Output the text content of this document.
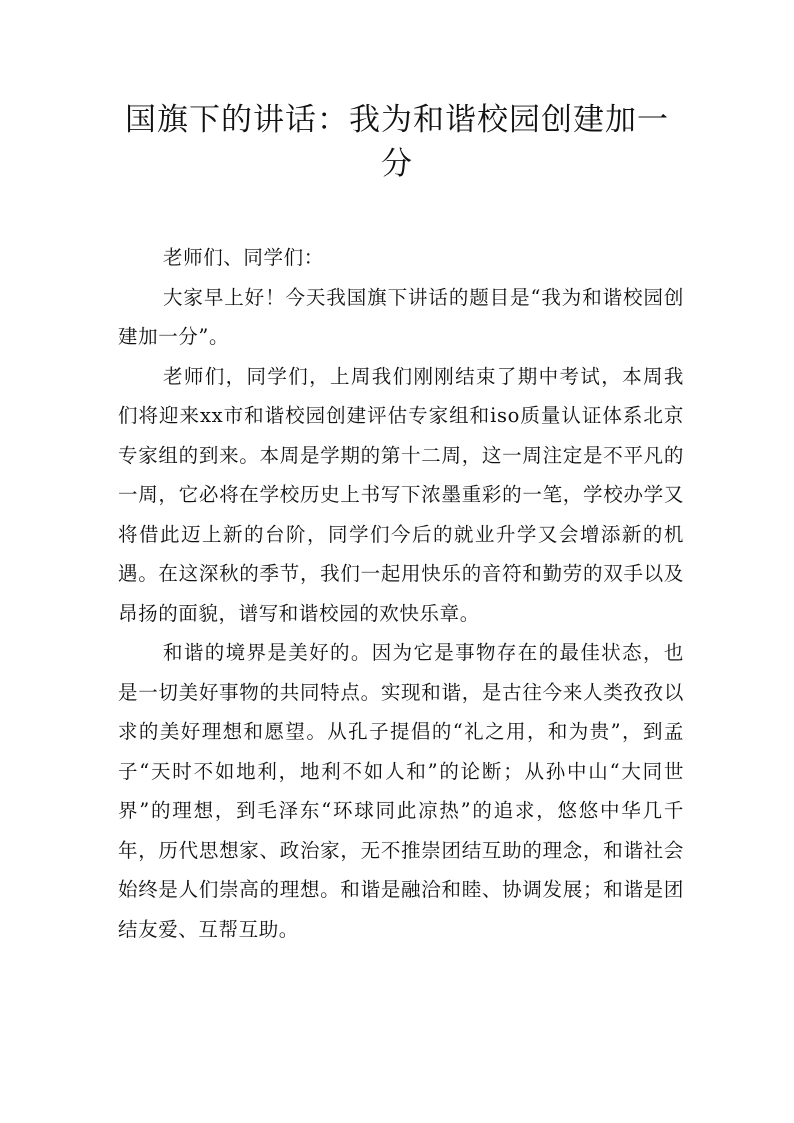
国旗下的讲话：我为和谐校园创建加一分

老师们、同学们：

大家早上好！今天我国旗下讲话的题目是“我为和谐校园创建加一分”。

老师们，同学们，上周我们刚刚结束了期中考试，本周我们将迎来xx市和谐校园创建评估专家组和iso质量认证体系北京专家组的到来。本周是学期的第十二周，这一周注定是不平凡的一周，它必将在学校历史上书写下浓墨重彩的一笔，学校办学又将借此迈上新的台阶，同学们今后的就业升学又会增添新的机遇。在这深秋的季节，我们一起用快乐的音符和勤劳的双手以及昂扬的面貌，谱写和谐校园的欢快乐章。

和谐的境界是美好的。因为它是事物存在的最佳状态，也是一切美好事物的共同特点。实现和谐，是古往今来人类孜孜以求的美好理想和愿望。从孔子提倡的“礼之用，和为贵”，到孟子“天时不如地利，地利不如人和”的论断；从孙中山“大同世界”的理想，到毛泽东“环球同此凉热”的追求，悠悠中华几千年，历代思想家、政治家，无不推崇团结互助的理念，和谐社会始终是人们崇高的理想。和谐是融洽和睦、协调发展；和谐是团结友爱、互帮互助。
